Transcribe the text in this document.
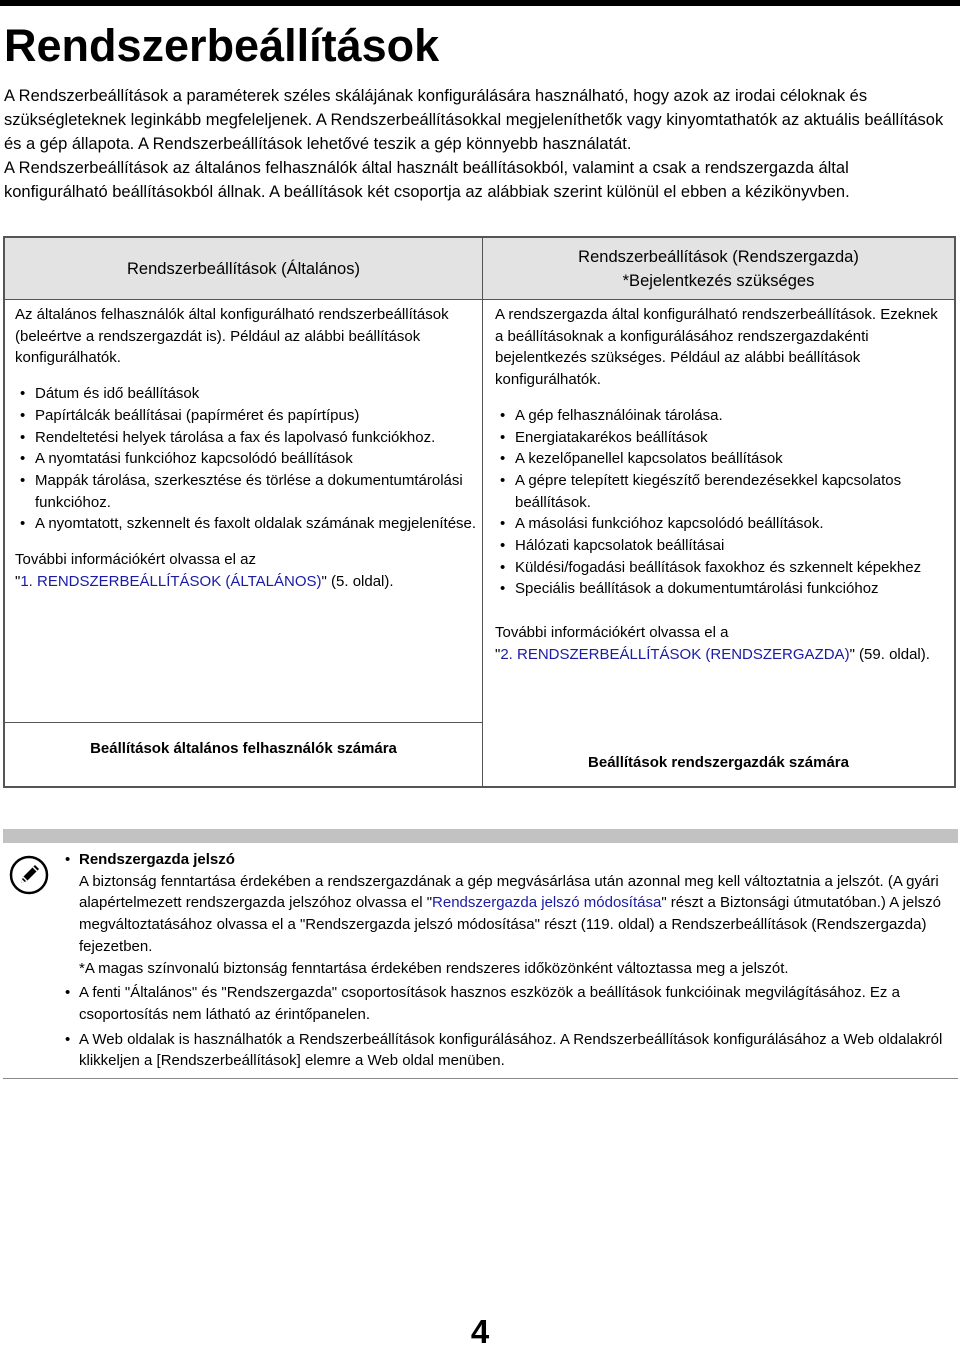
Rendszerbeállítások

A Rendszerbeállítások a paraméterek széles skálájának konfigurálására használható, hogy azok az irodai céloknak és szükségleteknek leginkább megfeleljenek. A Rendszerbeállításokkal megjeleníthetők vagy kinyomtathatók az aktuális beállítások és a gép állapota. A Rendszerbeállítások lehetővé teszik a gép könnyebb használatát.

A Rendszerbeállítások az általános felhasználók által használt beállításokból, valamint a csak a rendszergazda által konfigurálható beállításokból állnak. A beállítások két csoportja az alábbiak szerint különül el ebben a kézikönyvben.

Rendszerbeállítások (Általános)
Rendszerbeállítások (Rendszergazda)
*Bejelentkezés szükséges

Az általános felhasználók által konfigurálható rendszerbeállítások (beleértve a rendszergazdát is). Például az alábbi beállítások konfigurálhatók.

• Dátum és idő beállítások
• Papírtálcák beállításai (papírméret és papírtípus)
• Rendeltetési helyek tárolása a fax és lapolvasó funkciókhoz.
• A nyomtatási funkcióhoz kapcsolódó beállítások
• Mappák tárolása, szerkesztése és törlése a dokumentumtárolási funkcióhoz.
• A nyomtatott, szkennelt és faxolt oldalak számának megjelenítése.

További információkért olvassa el az
"1. RENDSZERBEÁLLÍTÁSOK (ÁLTALÁNOS)" (5. oldal).

A rendszergazda által konfigurálható rendszerbeállítások. Ezeknek a beállításoknak a konfigurálásához rendszergazdakénti bejelentkezés szükséges. Például az alábbi beállítások konfigurálhatók.

• A gép felhasználóinak tárolása.
• Energiatakarékos beállítások
• A kezelőpanellel kapcsolatos beállítások
• A gépre telepített kiegészítő berendezésekkel kapcsolatos beállítások.
• A másolási funkcióhoz kapcsolódó beállítások.
• Hálózati kapcsolatok beállításai
• Küldési/fogadási beállítások faxokhoz és szkennelt képekhez
• Speciális beállítások a dokumentumtárolási funkcióhoz

További információkért olvassa el a
"2. RENDSZERBEÁLLÍTÁSOK (RENDSZERGAZDA)" (59. oldal).

Beállítások általános felhasználók számára
Beállítások rendszergazdák számára

• Rendszergazda jelszó

A biztonság fenntartása érdekében a rendszergazdának a gép megvásárlása után azonnal meg kell változtatnia a jelszót. (A gyári alapértelmezett rendszergazda jelszóhoz olvassa el "Rendszergazda jelszó módosítása" részt a Biztonsági útmutatóban.) A jelszó megváltoztatásához olvassa el a "Rendszergazda jelszó módosítása" részt (119. oldal) a Rendszerbeállítások (Rendszergazda) fejezetben.

*A magas színvonalú biztonság fenntartása érdekében rendszeres időközönként változtassa meg a jelszót.

• A fenti "Általános" és "Rendszergazda" csoportosítások hasznos eszközök a beállítások funkcióinak megvilágításához. Ez a csoportosítás nem látható az érintőpanelen.
• A Web oldalak is használhatók a Rendszerbeállítások konfigurálásához. A Rendszerbeállítások konfigurálásához a Web oldalakról klikkeljen a [Rendszerbeállítások] elemre a Web oldal menüben.
4
